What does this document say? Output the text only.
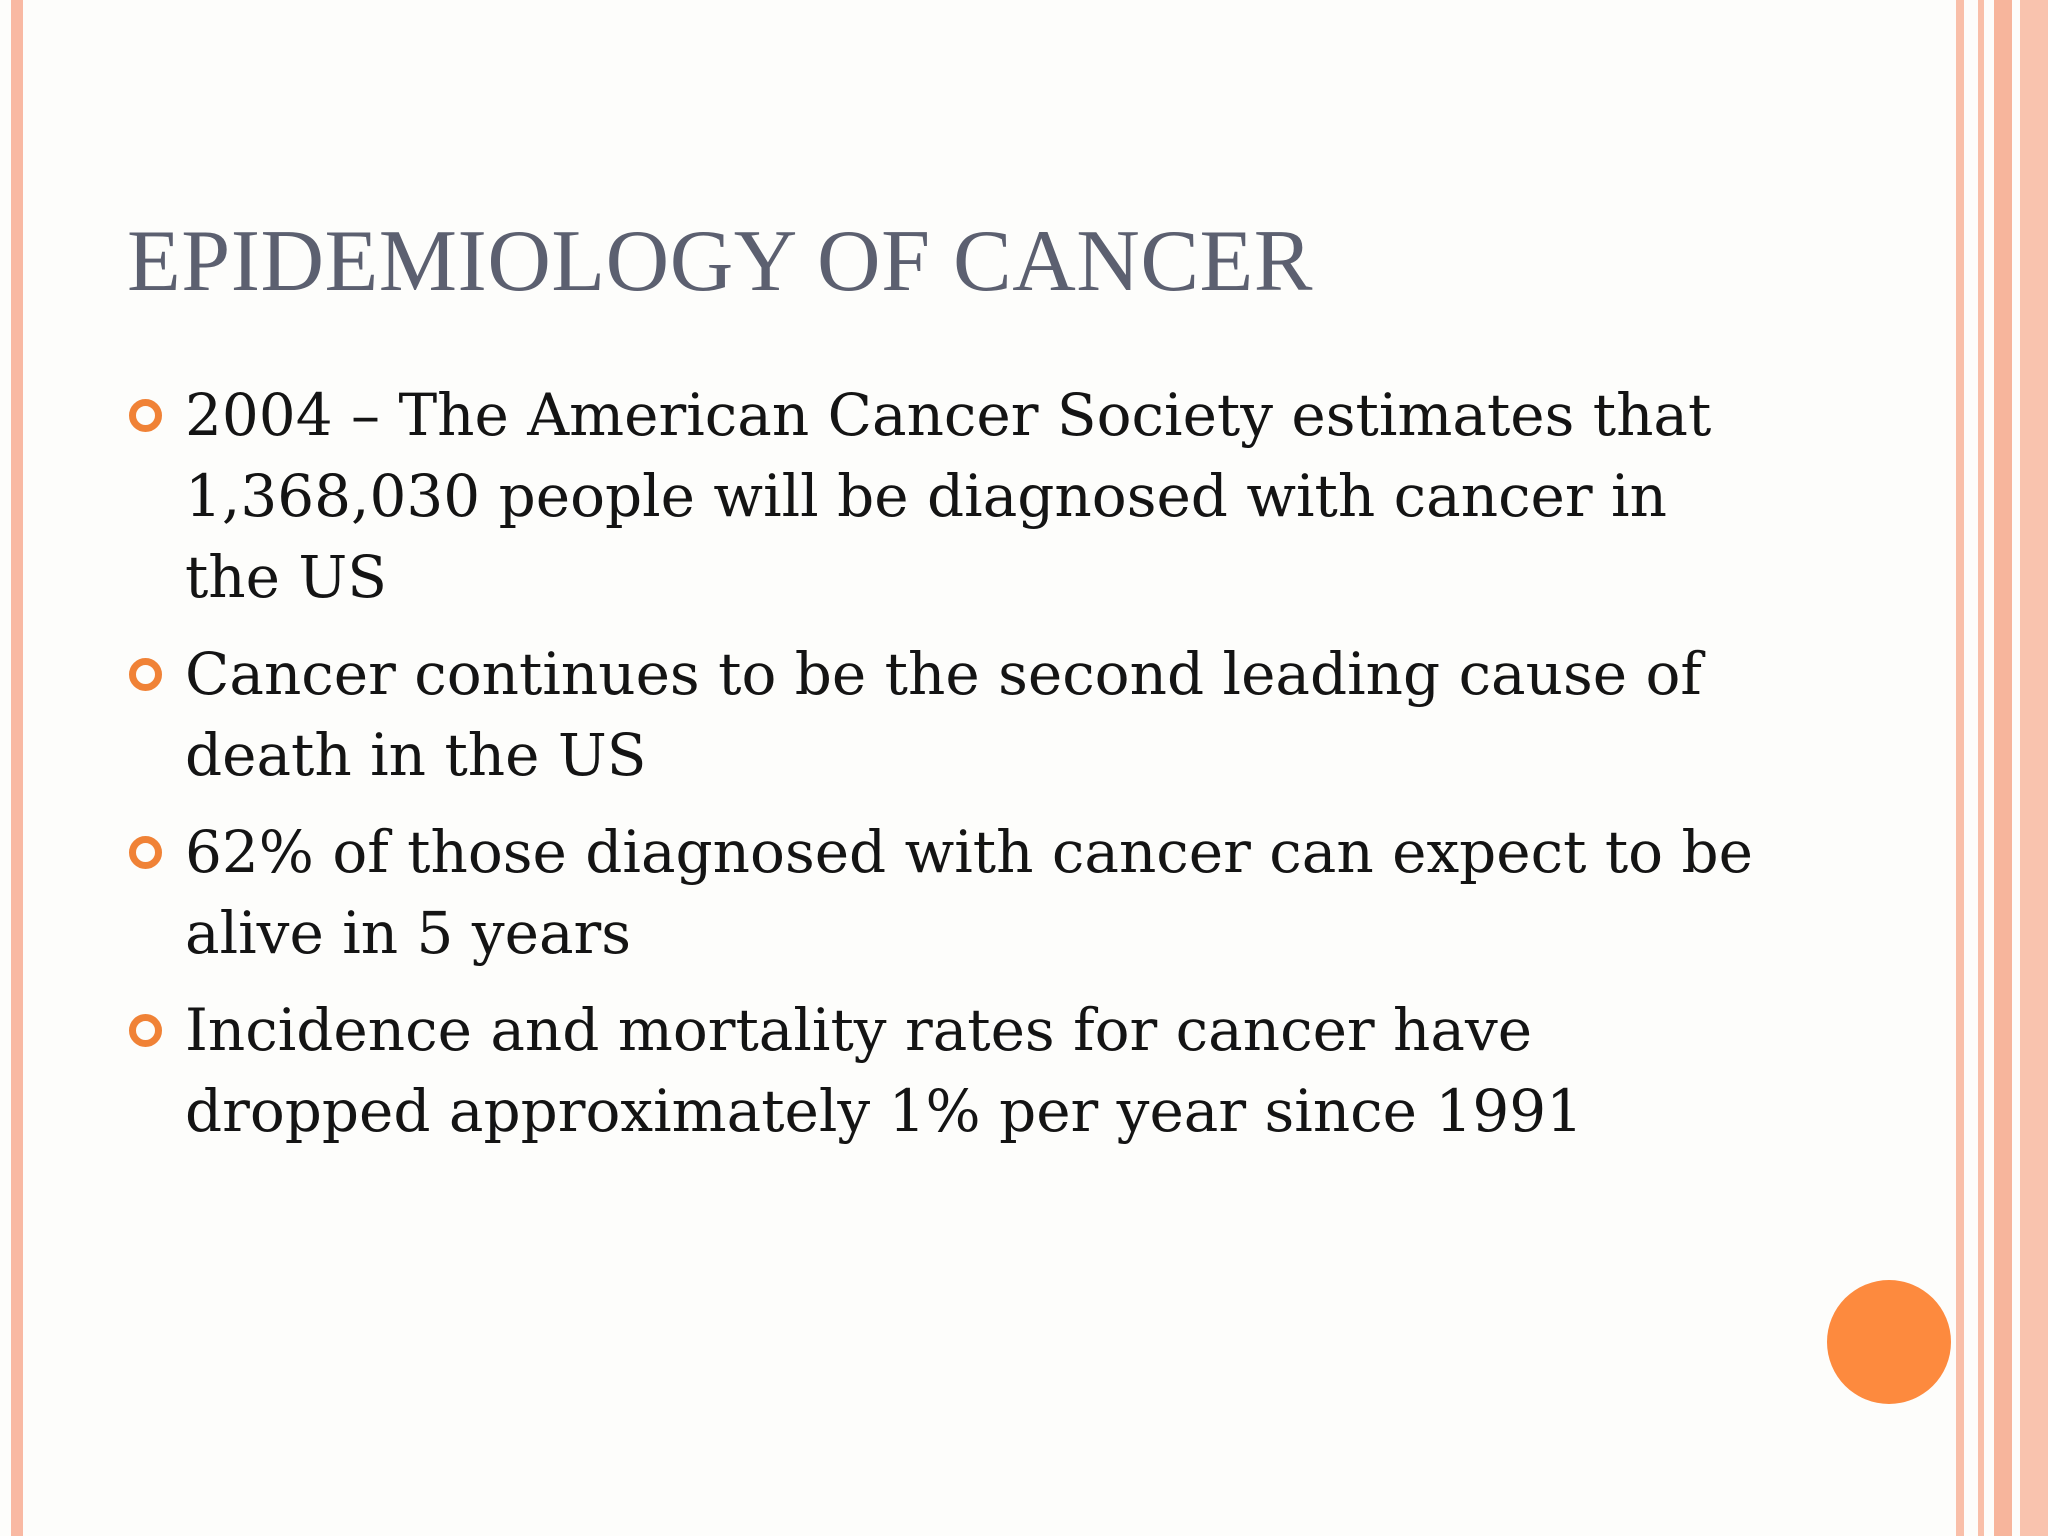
EPIDEMIOLOGY OF CANCER
2004 – The American Cancer Society estimates that 1,368,030 people will be diagnosed with cancer in the US
Cancer continues to be the second leading cause of death in the US
62% of those diagnosed with cancer can expect to be alive in 5 years
Incidence and mortality rates for cancer have dropped approximately 1% per year since 1991
